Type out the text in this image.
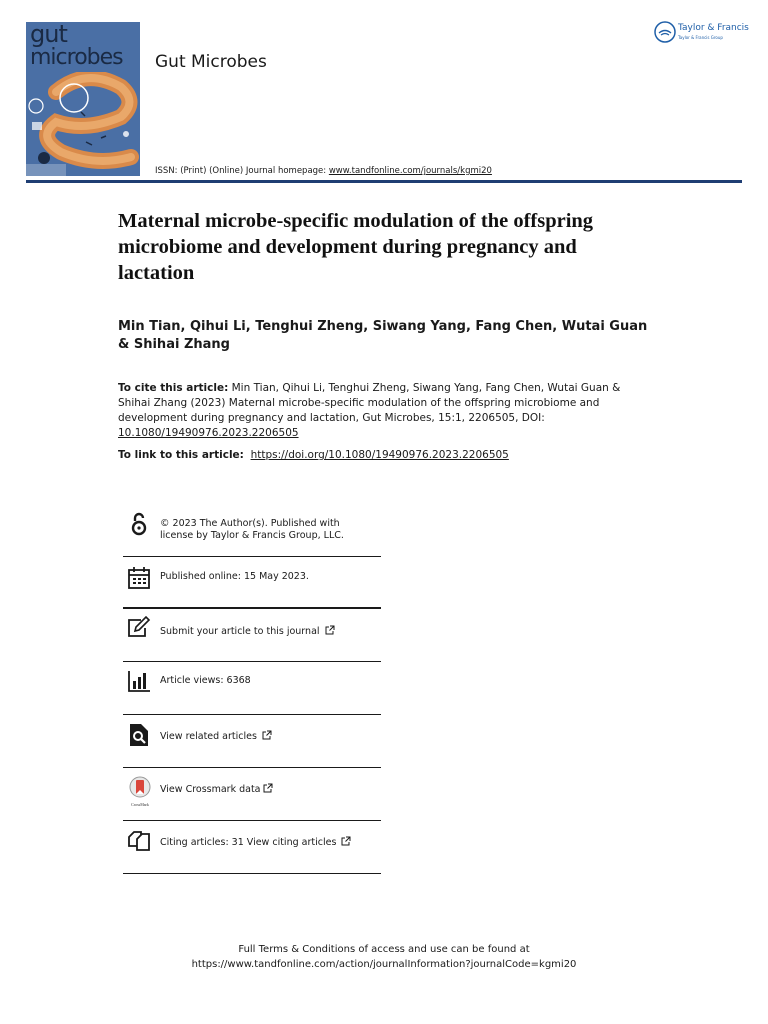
gut
microbes Gut Microbes
Taylor & Francis
Taylor & Francis Group
ISSN: (Print) (Online) Journal homepage: www.tandfonline.com/journals/kgmi20
Maternal microbe-specific modulation of the offspring microbiome and development during pregnancy and lactation
Min Tian, Qihui Li, Tenghui Zheng, Siwang Yang, Fang Chen, Wutai Guan & Shihai Zhang
To cite this article: Min Tian, Qihui Li, Tenghui Zheng, Siwang Yang, Fang Chen, Wutai Guan & Shihai Zhang (2023) Maternal microbe-specific modulation of the offspring microbiome and development during pregnancy and lactation, Gut Microbes, 15:1, 2206505, DOI: 10.1080/19490976.2023.2206505
To link to this article: https://doi.org/10.1080/19490976.2023.2206505
© 2023 The Author(s). Published with
license by Taylor & Francis Group, LLC.
Published online: 15 May 2023.
Submit your article to this journal
Article views: 6368
View related articles
CrossMark
View Crossmark data
Citing articles: 31 View citing articles
Full Terms & Conditions of access and use can be found at
https://www.tandfonline.com/action/journalInformation?journalCode=kgmi20
